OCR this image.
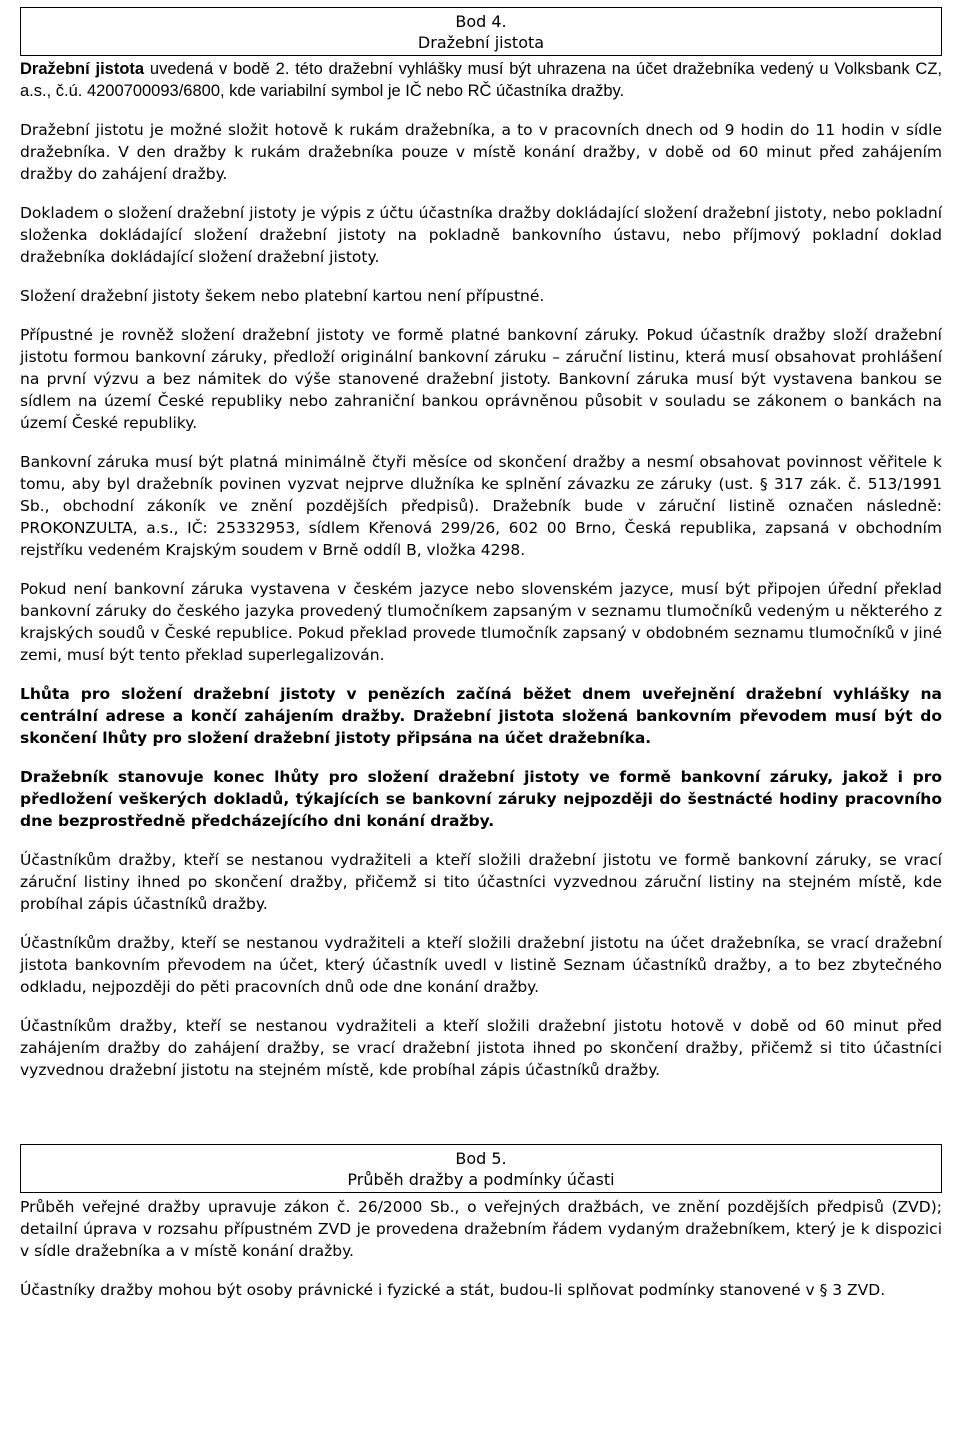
Bod 4.
Dražební jistota

Dražební jistota uvedená v bodě 2. této dražební vyhlášky musí být uhrazena na účet dražebníka vedený u Volksbank CZ, a.s., č.ú. 4200700093/6800, kde variabilní symbol je IČ nebo RČ účastníka dražby.

Dražební jistotu je možné složit hotově k rukám dražebníka, a to v pracovních dnech od 9 hodin do 11 hodin v sídle dražebníka. V den dražby k rukám dražebníka pouze v místě konání dražby, v době od 60 minut před zahájením dražby do zahájení dražby.

Dokladem o složení dražební jistoty je výpis z účtu účastníka dražby dokládající složení dražební jistoty, nebo pokladní složenka dokládající složení dražební jistoty na pokladně bankovního ústavu, nebo příjmový pokladní doklad dražebníka dokládající složení dražební jistoty.

Složení dražební jistoty šekem nebo platební kartou není přípustné.

Přípustné je rovněž složení dražební jistoty ve formě platné bankovní záruky. Pokud účastník dražby složí dražební jistotu formou bankovní záruky, předloží originální bankovní záruku – záruční listinu, která musí obsahovat prohlášení na první výzvu a bez námitek do výše stanovené dražební jistoty. Bankovní záruka musí být vystavena bankou se sídlem na území České republiky nebo zahraniční bankou oprávněnou působit v souladu se zákonem o bankách na území České republiky.

Bankovní záruka musí být platná minimálně čtyři měsíce od skončení dražby a nesmí obsahovat povinnost věřitele k tomu, aby byl dražebník povinen vyzvat nejprve dlužníka ke splnění závazku ze záruky (ust. § 317 zák. č. 513/1991 Sb., obchodní zákoník ve znění pozdějších předpisů). Dražebník bude v záruční listině označen následně: PROKONZULTA, a.s., IČ: 25332953, sídlem Křenová 299/26, 602 00 Brno, Česká republika, zapsaná v obchodním rejstříku vedeném Krajským soudem v Brně oddíl B, vložka 4298.

Pokud není bankovní záruka vystavena v českém jazyce nebo slovenském jazyce, musí být připojen úřední překlad bankovní záruky do českého jazyka provedený tlumočníkem zapsaným v seznamu tlumočníků vedeným u některého z krajských soudů v České republice. Pokud překlad provede tlumočník zapsaný v obdobném seznamu tlumočníků v jiné zemi, musí být tento překlad superlegalizován.

Lhůta pro složení dražební jistoty v penězích začíná běžet dnem uveřejnění dražební vyhlášky na centrální adrese a končí zahájením dražby. Dražební jistota složená bankovním převodem musí být do skončení lhůty pro složení dražební jistoty připsána na účet dražebníka.

Dražebník stanovuje konec lhůty pro složení dražební jistoty ve formě bankovní záruky, jakož i pro předložení veškerých dokladů, týkajících se bankovní záruky nejpozději do šestnácté hodiny pracovního dne bezprostředně předcházejícího dni konání dražby.

Účastníkům dražby, kteří se nestanou vydražiteli a kteří složili dražební jistotu ve formě bankovní záruky, se vrací záruční listiny ihned po skončení dražby, přičemž si tito účastníci vyzvednou záruční listiny na stejném místě, kde probíhal zápis účastníků dražby.

Účastníkům dražby, kteří se nestanou vydražiteli a kteří složili dražební jistotu na účet dražebníka, se vrací dražební jistota bankovním převodem na účet, který účastník uvedl v listině Seznam účastníků dražby, a to bez zbytečného odkladu, nejpozději do pěti pracovních dnů ode dne konání dražby.

Účastníkům dražby, kteří se nestanou vydražiteli a kteří složili dražební jistotu hotově v době od 60 minut před zahájením dražby do zahájení dražby, se vrací dražební jistota ihned po skončení dražby, přičemž si tito účastníci vyzvednou dražební jistotu na stejném místě, kde probíhal zápis účastníků dražby.

Bod 5.
Průběh dražby a podmínky účasti

Průběh veřejné dražby upravuje zákon č. 26/2000 Sb., o veřejných dražbách, ve znění pozdějších předpisů (ZVD); detailní úprava v rozsahu přípustném ZVD je provedena dražebním řádem vydaným dražebníkem, který je k dispozici v sídle dražebníka a v místě konání dražby.

Účastníky dražby mohou být osoby právnické i fyzické a stát, budou-li splňovat podmínky stanovené v § 3 ZVD.
